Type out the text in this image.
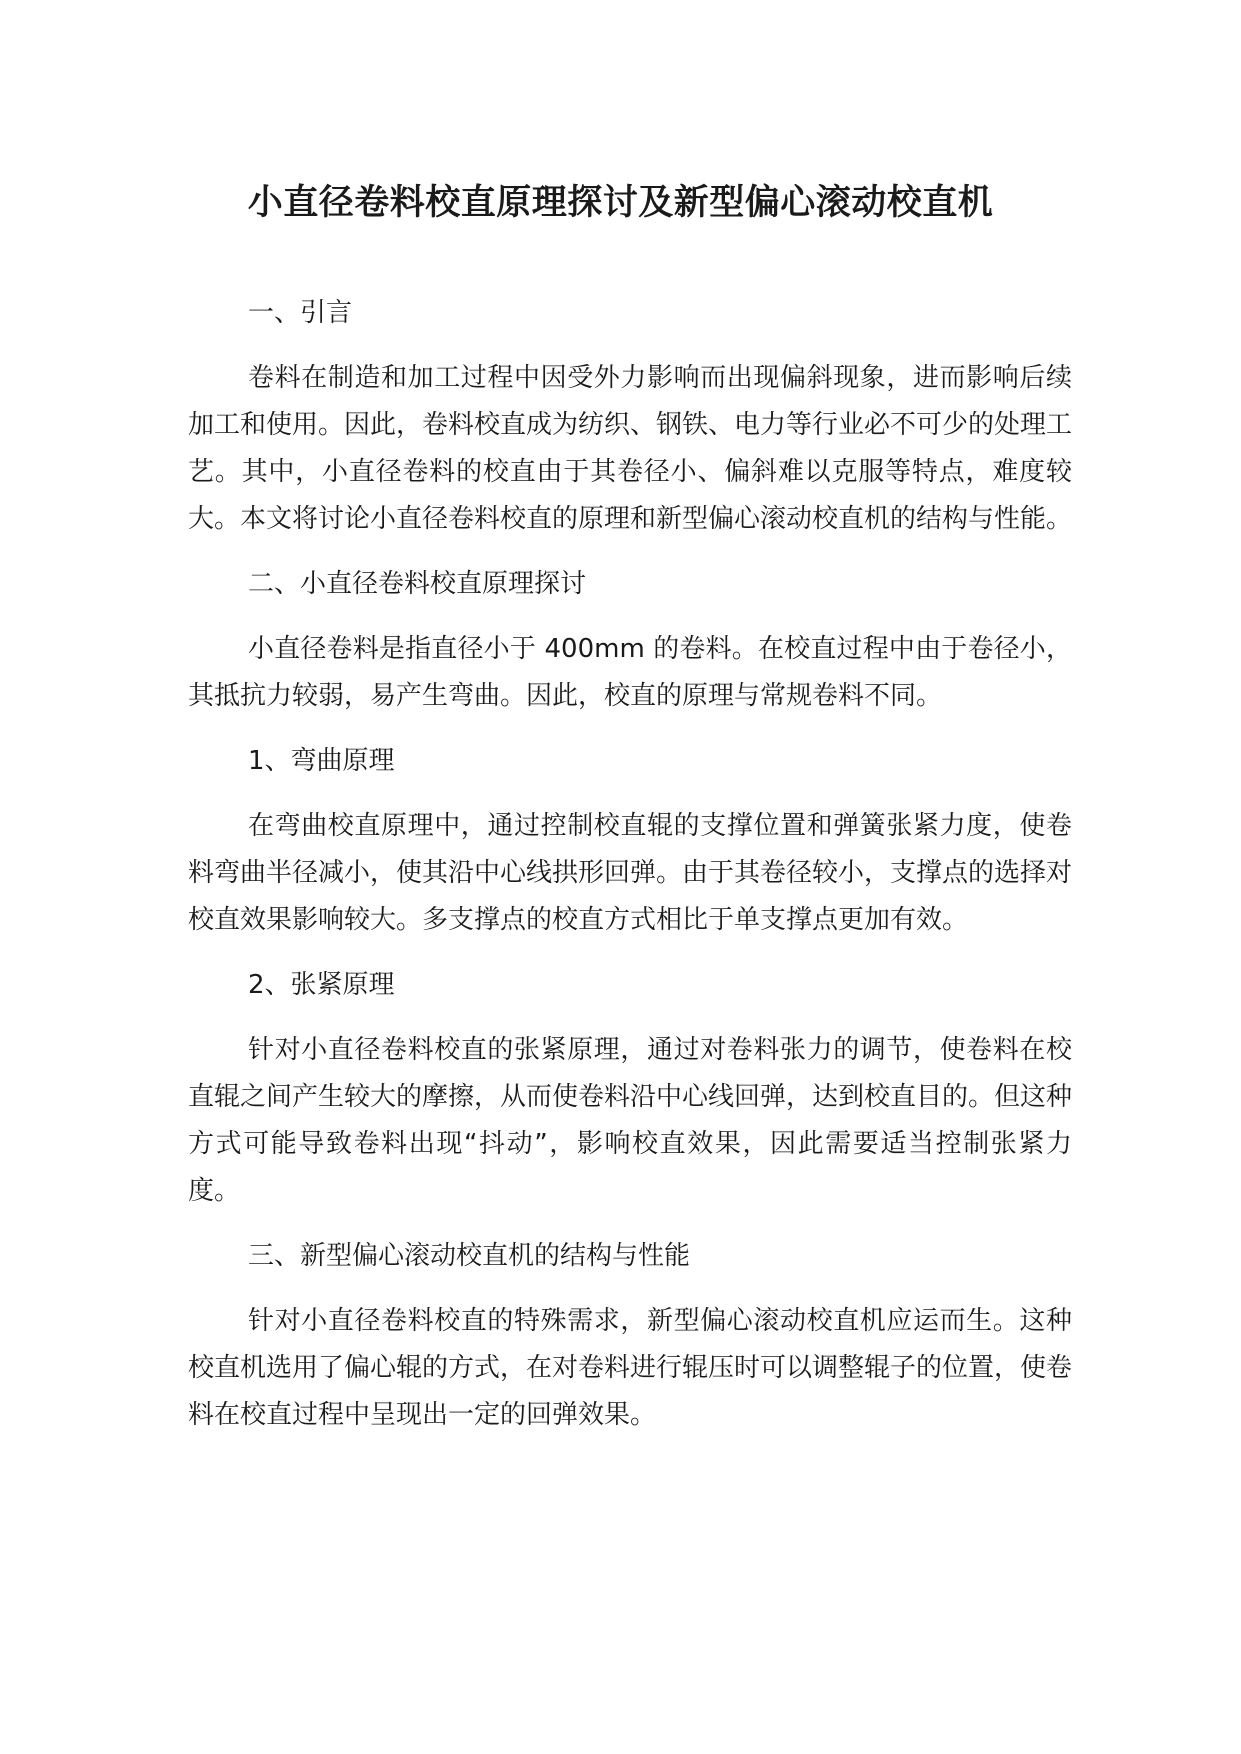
小直径卷料校直原理探讨及新型偏心滚动校直机
一、引言

卷料在制造和加工过程中因受外力影响而出现偏斜现象，进而影响后续加工和使用。因此，卷料校直成为纺织、钢铁、电力等行业必不可少的处理工艺。其中，小直径卷料的校直由于其卷径小、偏斜难以克服等特点，难度较大。本文将讨论小直径卷料校直的原理和新型偏心滚动校直机的结构与性能。

二、小直径卷料校直原理探讨

小直径卷料是指直径小于 400mm 的卷料。在校直过程中由于卷径小，其抵抗力较弱，易产生弯曲。因此，校直的原理与常规卷料不同。

1、弯曲原理

在弯曲校直原理中，通过控制校直辊的支撑位置和弹簧张紧力度，使卷料弯曲半径减小，使其沿中心线拱形回弹。由于其卷径较小，支撑点的选择对校直效果影响较大。多支撑点的校直方式相比于单支撑点更加有效。

2、张紧原理

针对小直径卷料校直的张紧原理，通过对卷料张力的调节，使卷料在校直辊之间产生较大的摩擦，从而使卷料沿中心线回弹，达到校直目的。但这种方式可能导致卷料出现“抖动”，影响校直效果，因此需要适当控制张紧力度。

三、新型偏心滚动校直机的结构与性能

针对小直径卷料校直的特殊需求，新型偏心滚动校直机应运而生。这种校直机选用了偏心辊的方式，在对卷料进行辊压时可以调整辊子的位置，使卷料在校直过程中呈现出一定的回弹效果。
